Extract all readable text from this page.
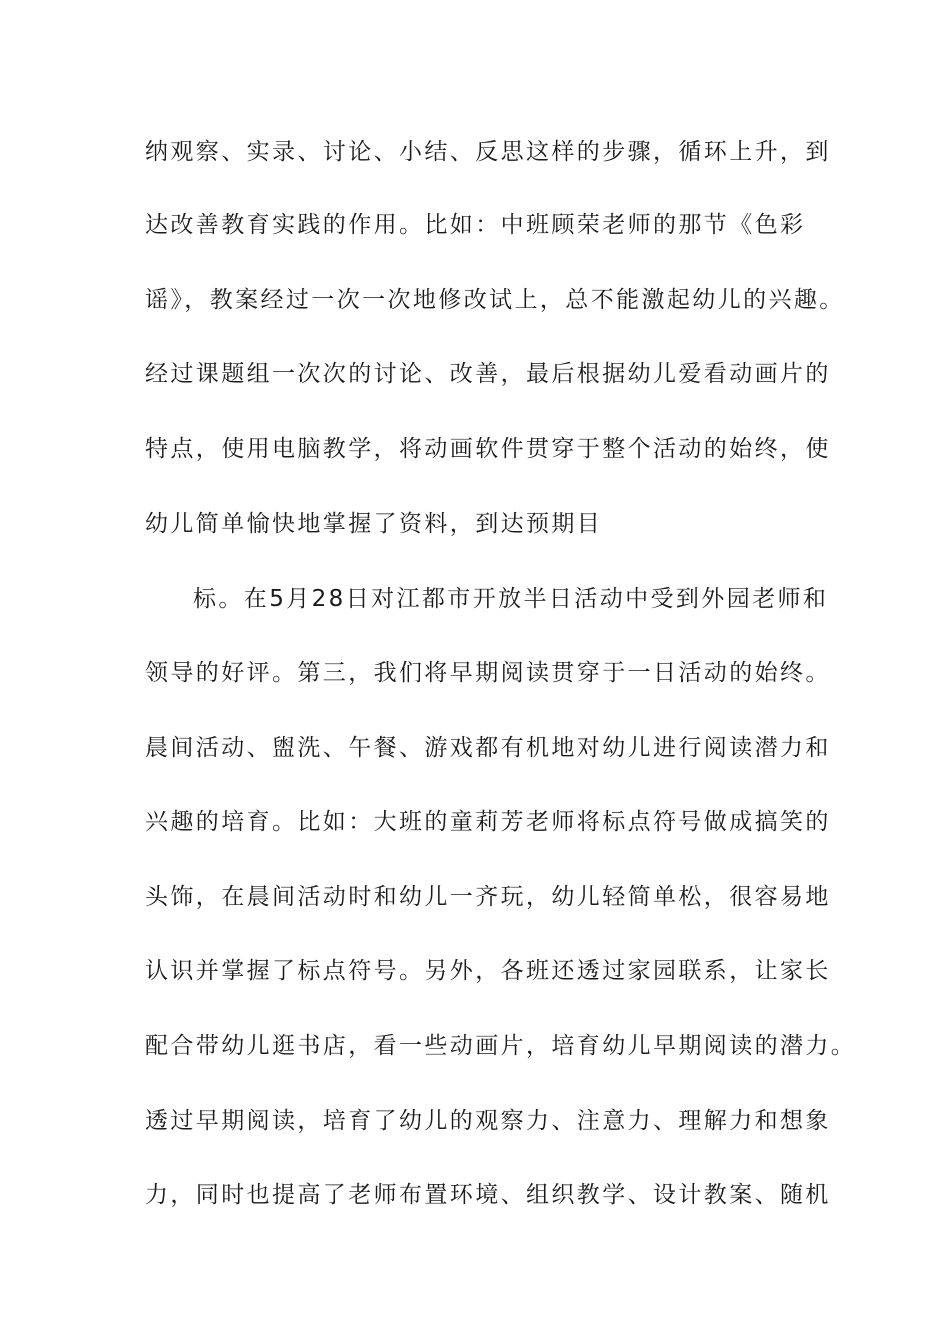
纳观察、实录、讨论、小结、反思这样的步骤，循环上升，到
达改善教育实践的作用。比如：中班顾荣老师的那节《色彩
谣》，教案经过一次一次地修改试上，总不能激起幼儿的兴趣。
经过课题组一次次的讨论、改善，最后根据幼儿爱看动画片的
特点，使用电脑教学，将动画软件贯穿于整个活动的始终，使
幼儿简单愉快地掌握了资料，到达预期目
标。在5月28日对江都市开放半日活动中受到外园老师和
领导的好评。第三，我们将早期阅读贯穿于一日活动的始终。
晨间活动、盥洗、午餐、游戏都有机地对幼儿进行阅读潜力和
兴趣的培育。比如：大班的童莉芳老师将标点符号做成搞笑的
头饰，在晨间活动时和幼儿一齐玩，幼儿轻简单松，很容易地
认识并掌握了标点符号。另外，各班还透过家园联系，让家长
配合带幼儿逛书店，看一些动画片，培育幼儿早期阅读的潜力。
透过早期阅读，培育了幼儿的观察力、注意力、理解力和想象
力，同时也提高了老师布置环境、组织教学、设计教案、随机
